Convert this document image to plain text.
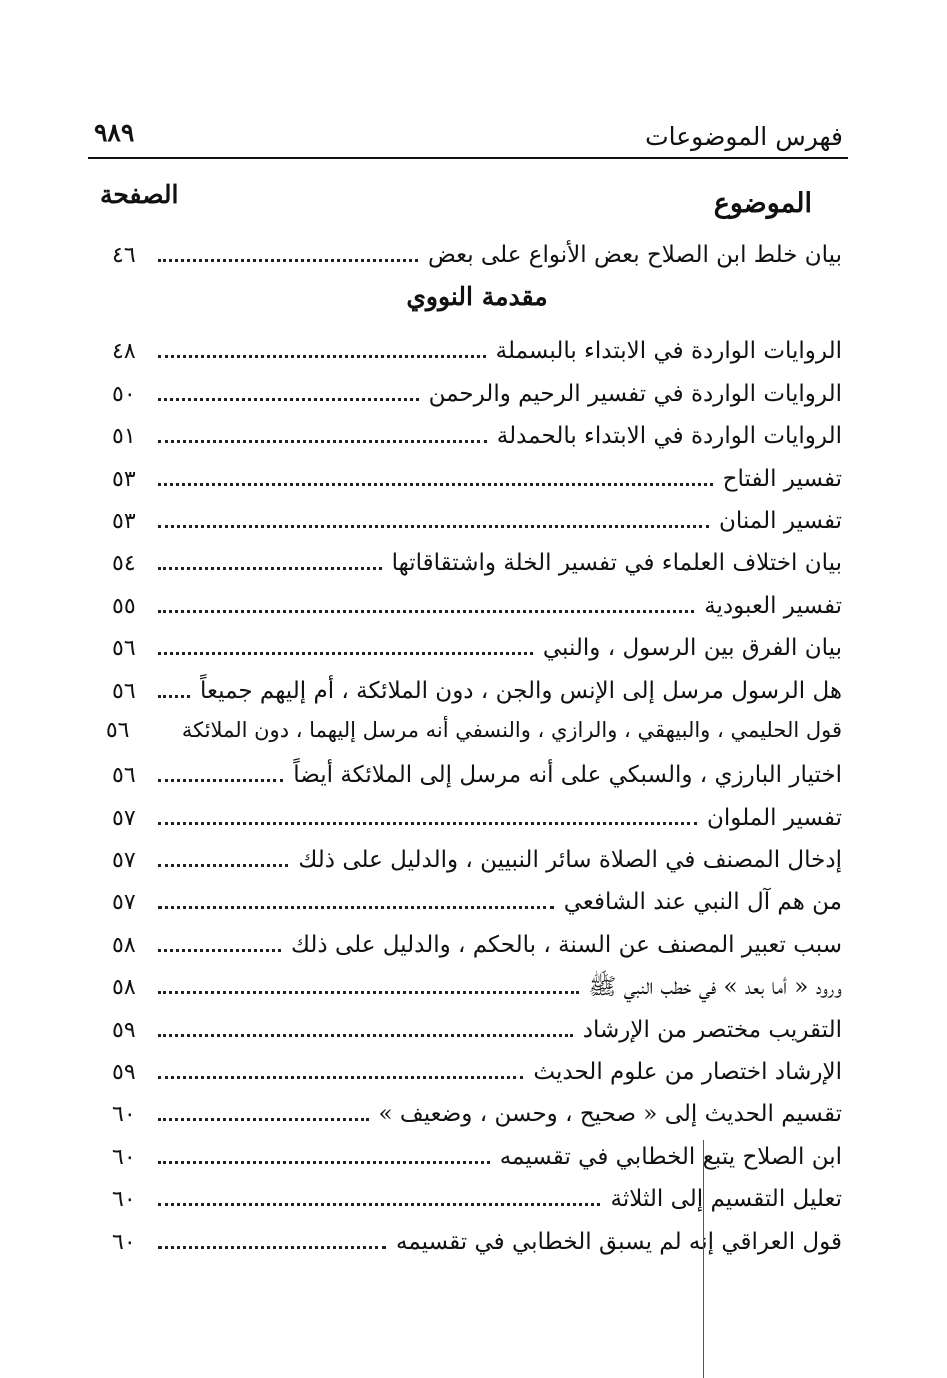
فهرس الموضوعات
٩٨٩
الموضوع
الصفحة
بيان خلط ابن الصلاح بعض الأنواع على بعض
٤٦
مقدمة النووي
الروايات الواردة في الابتداء بالبسملة
٤٨
الروايات الواردة في تفسير الرحيم والرحمن
٥٠
الروايات الواردة في الابتداء بالحمدلة
٥١
تفسير الفتاح
٥٣
تفسير المنان
٥٣
بيان اختلاف العلماء في تفسير الخلة واشتقاقاتها
٥٤
تفسير العبودية
٥٥
بيان الفرق بين الرسول ، والنبي
٥٦
هل الرسول مرسل إلى الإنس والجن ، دون الملائكة ، أم إليهم جميعاً
٥٦
قول الحليمي ، والبيهقي ، والرازي ، والنسفي أنه مرسل إليهما ، دون الملائكة
٥٦
اختيار البارزي ، والسبكي على أنه مرسل إلى الملائكة أيضاً
٥٦
تفسير الملوان
٥٧
إدخال المصنف في الصلاة سائر النبيين ، والدليل على ذلك
٥٧
من هم آل النبي عند الشافعي
٥٧
سبب تعبير المصنف عن السنة ، بالحكم ، والدليل على ذلك
٥٨
ورود « أما بعد » في خطب النبي ﷺ
٥٨
التقريب مختصر من الإرشاد
٥٩
الإرشاد اختصار من علوم الحديث
٥٩
تقسيم الحديث إلى « صحيح ، وحسن ، وضعيف »
٦٠
ابن الصلاح يتبع الخطابي في تقسيمه
٦٠
تعليل التقسيم إلى الثلاثة
٦٠
قول العراقي إنه لم يسبق الخطابي في تقسيمه
٦٠
